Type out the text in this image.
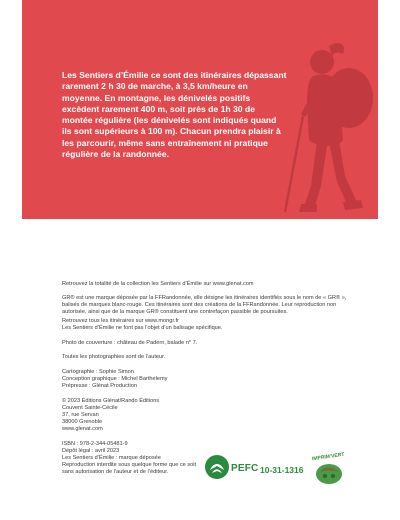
Les Sentiers d’Émilie ce sont des itinéraires dépassant rarement 2 h 30 de marche, à 3,5 km/heure en moyenne. En montagne, les dénivelés positifs excèdent rarement 400 m, soit près de 1h 30 de montée régulière (les dénivelés sont indiqués quand ils sont supérieurs à 100 m). Chacun prendra plaisir à les parcourir, même sans entraînement ni pratique régulière de la randonnée.

Retrouvez la totalité de la collection les Sentiers d’Émilie sur www.glenat.com

GR® est une marque déposée par la FFRandonnée, elle désigne les itinéraires identifiés sous le nom de « GR® », balisés de marques blanc-rouge. Ces itinéraires sont des créations de la FFRandonnée. Leur reproduction non autorisée, ainsi que de la marque GR® constituent une contrefaçon passible de poursuites.

Retrouvez tous les itinéraires sur www.mongr.fr

Les Sentiers d’Émilie ne font pas l’objet d’un balisage spécifique.

Photo de couverture : château de Padern, balade n° 7.

Toutes les photographies sont de l’auteur.

Cartographie : Sophie Simon

Conception graphique : Michel Barthelemy

Prépresse : Glénat Production

© 2023 Éditions Glénat/Rando Éditions

Couvent Sainte-Cécile

37, rue Servan

38000 Grenoble

www.glenat.com

ISBN : 978-2-344-05481-9

Dépôt légal : avril 2023

Les Sentiers d’Émilie : marque déposée

Reproduction interdite sous quelque forme que ce soit

sans autorisation de l’auteur et de l’éditeur.	PEFC 10-31-1316
IMPRIM'VERT
